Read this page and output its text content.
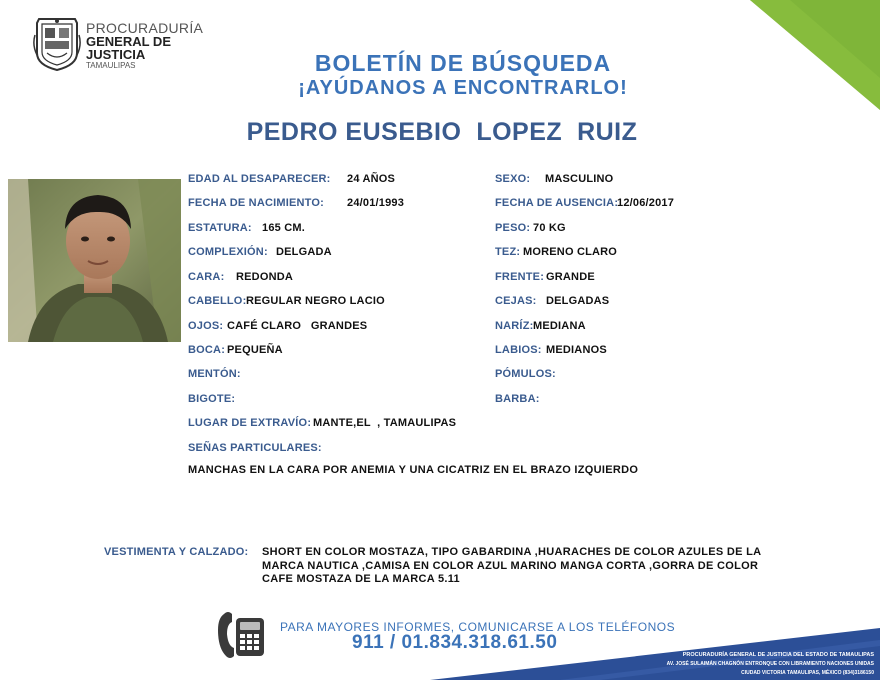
PROCURADURÍA
GENERAL DE
JUSTICIA
TAMAULIPAS	BOLETÍN DE BÚSQUEDA
¡AYÚDANOS A ENCONTRARLO!
PEDRO EUSEBIO  LOPEZ  RUIZ
EDAD AL DESAPARECER: 24 AÑOS
FECHA DE NACIMIENTO: 24/01/1993
ESTATURA: 165 CM.
COMPLEXIÓN: DELGADA
CARA: REDONDA
CABELLO: REGULAR NEGRO LACIO
OJOS: CAFÉ CLARO   GRANDES
BOCA: PEQUEÑA
MENTÓN:
BIGOTE:
LUGAR DE EXTRAVÍO: MANTE,EL  , TAMAULIPAS
SEÑAS PARTICULARES:
MANCHAS EN LA CARA POR ANEMIA Y UNA CICATRIZ EN EL BRAZO IZQUIERDO
SEXO: MASCULINO
FECHA DE AUSENCIA:
12/06/2017
PESO: 70 KG
TEZ: MORENO CLARO
FRENTE: GRANDE
CEJAS: DELGADAS
NARÍZ: MEDIANA
LABIOS: MEDIANOS
PÓMULOS:
BARBA:
VESTIMENTA Y CALZADO: SHORT EN COLOR MOSTAZA, TIPO GABARDINA ,HUARACHES DE COLOR AZULES DE LA MARCA NAUTICA ,CAMISA EN COLOR AZUL MARINO MANGA CORTA ,GORRA DE COLOR CAFE MOSTAZA DE LA MARCA 5.11
PROCURADURÍA GENERAL DE JUSTICIA DEL ESTADO DE TAMAULIPAS
AV. JOSÉ SULAIMÁN CHAGNÓN ENTRONQUE CON LIBRAMIENTO NACIONES UNIDAS
CIUDAD VICTORIA TAMAULIPAS, MÉXICO (834)3186150
PARA MAYORES INFORMES, COMUNICARSE A LOS TELÉFONOS
911 / 01.834.318.61.50
